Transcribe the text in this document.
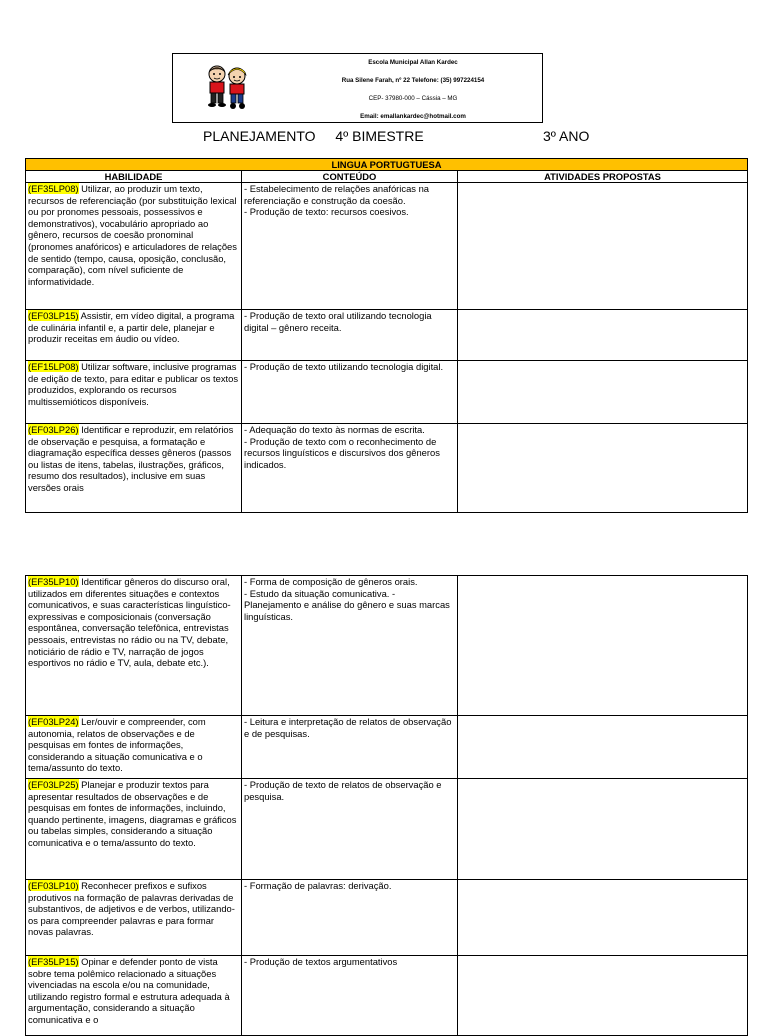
Escola Municipal Allan Kardec
Rua Silene Farah, nº 22 Telefone: (35) 997224154
CEP- 37980-000 – Cássia – MG
Email: emallankardec@hotmail.com
PLANEJAMENTO 4º BIMESTRE	3º ANO
LINGUA PORTUGTUESA		
HABILIDADE	CONTEÚDO	ATIVIDADES PROPOSTAS
(EF35LP08) Utilizar, ao produzir um texto, recursos de referenciação (por substituição lexical ou por pronomes pessoais, possessivos e demonstrativos), vocabulário apropriado ao gênero, recursos de coesão pronominal (pronomes anafóricos) e articuladores de relações de sentido (tempo, causa, oposição, conclusão, comparação), com nível suficiente de informatividade.	- Estabelecimento de relações anafóricas na referenciação e construção da coesão.
- Produção de texto: recursos coesivos.	
(EF03LP15) Assistir, em vídeo digital, a programa de culinária infantil e, a partir dele, planejar e produzir receitas em áudio ou vídeo.	- Produção de texto oral utilizando tecnologia digital – gênero receita.	
(EF15LP08) Utilizar software, inclusive programas de edição de texto, para editar e publicar os textos produzidos, explorando os recursos multissemióticos disponíveis.	- Produção de texto utilizando tecnologia digital.	
(EF03LP26) Identificar e reproduzir, em relatórios de observação e pesquisa, a formatação e diagramação específica desses gêneros (passos ou listas de itens, tabelas, ilustrações, gráficos, resumo dos resultados), inclusive em suas versões orais	- Adequação do texto às normas de escrita.
- Produção de texto com o reconhecimento de recursos linguísticos e discursivos dos gêneros indicados.	
(EF35LP10) Identificar gêneros do discurso oral, utilizados em diferentes situações e contextos comunicativos, e suas características linguístico-expressivas e composicionais (conversação espontânea, conversação telefônica, entrevistas pessoais, entrevistas no rádio ou na TV, debate, noticiário de rádio e TV, narração de jogos esportivos no rádio e TV, aula, debate etc.).	- Forma de composição de gêneros orais.
- Estudo da situação comunicativa. - Planejamento e análise do gênero e suas marcas linguísticas.	
(EF03LP24) Ler/ouvir e compreender, com autonomia, relatos de observações e de pesquisas em fontes de informações, considerando a situação comunicativa e o tema/assunto do texto.	- Leitura e interpretação de relatos de observação e de pesquisas.	
(EF03LP25) Planejar e produzir textos para apresentar resultados de observações e de pesquisas em fontes de informações, incluindo, quando pertinente, imagens, diagramas e gráficos ou tabelas simples, considerando a situação comunicativa e o tema/assunto do texto.	- Produção de texto de relatos de observação e pesquisa.	
(EF03LP10) Reconhecer prefixos e sufixos produtivos na formação de palavras derivadas de substantivos, de adjetivos e de verbos, utilizando-os para compreender palavras e para formar novas palavras.	- Formação de palavras: derivação.	
(EF35LP15) Opinar e defender ponto de vista sobre tema polêmico relacionado a situações vivenciadas na escola e/ou na comunidade, utilizando registro formal e estrutura adequada à argumentação, considerando a situação comunicativa e o	- Produção de textos argumentativos	
